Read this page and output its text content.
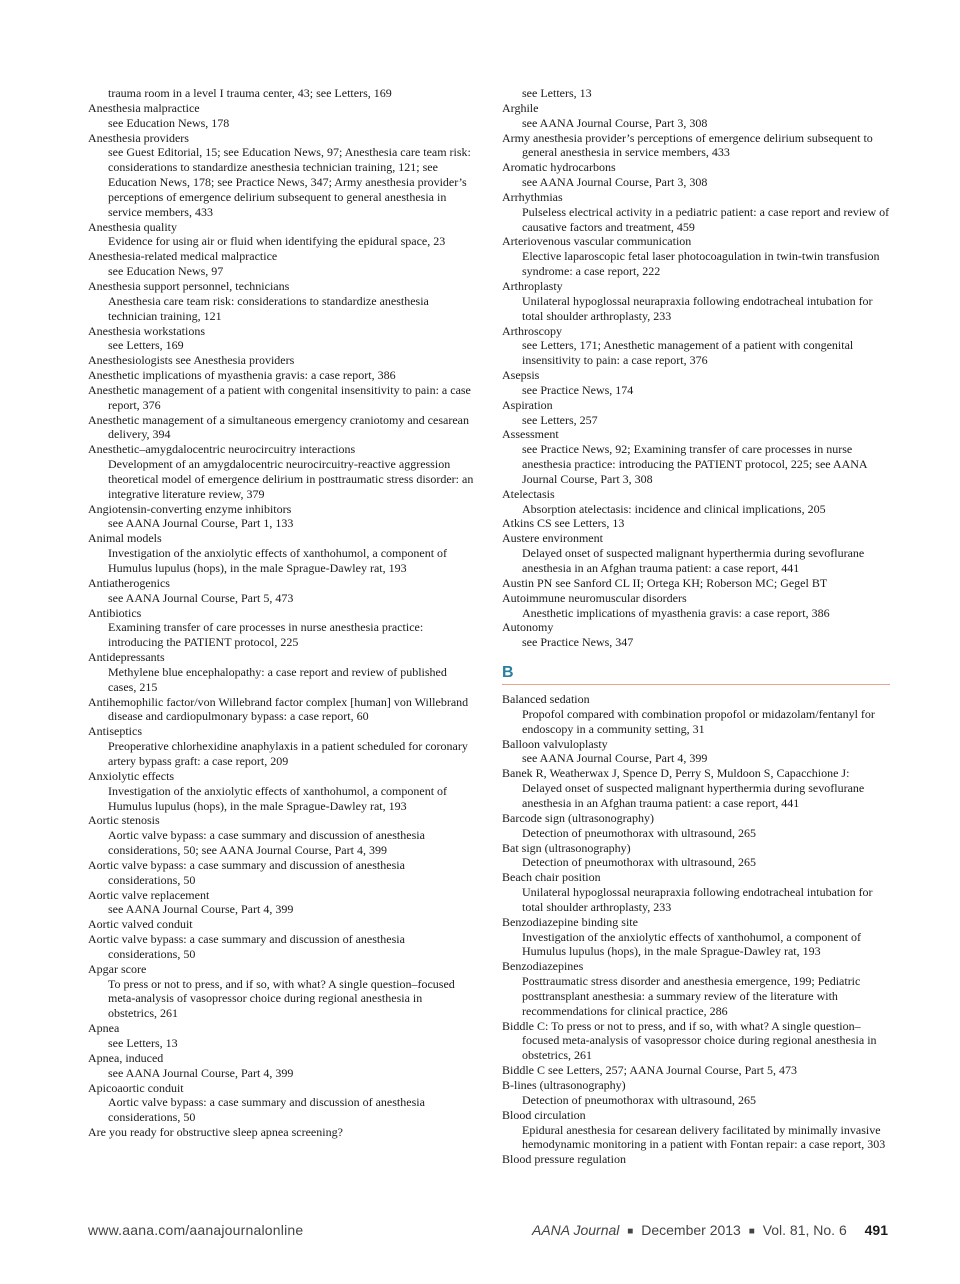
trauma room in a level I trauma center, 43; see Letters, 169

Anesthesia malpractice

see Education News, 178

Anesthesia providers

see Guest Editorial, 15; see Education News, 97; Anesthesia care team risk: considerations to standardize anesthesia technician training, 121; see Education News, 178; see Practice News, 347; Army anesthesia provider’s perceptions of emergence delirium subsequent to general anesthesia in service members, 433

Anesthesia quality

Evidence for using air or fluid when identifying the epidural space, 23

Anesthesia-related medical malpractice

see Education News, 97

Anesthesia support personnel, technicians

Anesthesia care team risk: considerations to standardize anesthesia technician training, 121

Anesthesia workstations

see Letters, 169

Anesthesiologists see Anesthesia providers

Anesthetic implications of myasthenia gravis: a case report, 386

Anesthetic management of a patient with congenital insensitivity to pain: a case report, 376

Anesthetic management of a simultaneous emergency craniotomy and cesarean delivery, 394

Anesthetic–amygdalocentric neurocircuitry interactions

Development of an amygdalocentric neurocircuitry-reactive aggression theoretical model of emergence delirium in posttraumatic stress disorder: an integrative literature review, 379

Angiotensin-converting enzyme inhibitors

see AANA Journal Course, Part 1, 133

Animal models

Investigation of the anxiolytic effects of xanthohumol, a component of Humulus lupulus (hops), in the male Sprague-Dawley rat, 193

Antiatherogenics

see AANA Journal Course, Part 5, 473

Antibiotics

Examining transfer of care processes in nurse anesthesia practice: introducing the PATIENT protocol, 225

Antidepressants

Methylene blue encephalopathy: a case report and review of published cases, 215

Antihemophilic factor/von Willebrand factor complex [human] von Willebrand disease and cardiopulmonary bypass: a case report, 60

Antiseptics

Preoperative chlorhexidine anaphylaxis in a patient scheduled for coronary artery bypass graft: a case report, 209

Anxiolytic effects

Investigation of the anxiolytic effects of xanthohumol, a component of Humulus lupulus (hops), in the male Sprague-Dawley rat, 193

Aortic stenosis

Aortic valve bypass: a case summary and discussion of anesthesia considerations, 50; see AANA Journal Course, Part 4, 399

Aortic valve bypass: a case summary and discussion of anesthesia considerations, 50

Aortic valve replacement

see AANA Journal Course, Part 4, 399

Aortic valved conduit

Aortic valve bypass: a case summary and discussion of anesthesia considerations, 50

Apgar score

To press or not to press, and if so, with what? A single question–focused meta-analysis of vasopressor choice during regional anesthesia in obstetrics, 261

Apnea

see Letters, 13

Apnea, induced

see AANA Journal Course, Part 4, 399

Apicoaortic conduit

Aortic valve bypass: a case summary and discussion of anesthesia considerations, 50

Are you ready for obstructive sleep apnea screening?

see Letters, 13

Arghile

see AANA Journal Course, Part 3, 308

Army anesthesia provider’s perceptions of emergence delirium subsequent to general anesthesia in service members, 433

Aromatic hydrocarbons

see AANA Journal Course, Part 3, 308

Arrhythmias

Pulseless electrical activity in a pediatric patient: a case report and review of causative factors and treatment, 459

Arteriovenous vascular communication

Elective laparoscopic fetal laser photocoagulation in twin-twin transfusion syndrome: a case report, 222

Arthroplasty

Unilateral hypoglossal neurapraxia following endotracheal intubation for total shoulder arthroplasty, 233

Arthroscopy

see Letters, 171; Anesthetic management of a patient with congenital insensitivity to pain: a case report, 376

Asepsis

see Practice News, 174

Aspiration

see Letters, 257

Assessment

see Practice News, 92; Examining transfer of care processes in nurse anesthesia practice: introducing the PATIENT protocol, 225; see AANA Journal Course, Part 3, 308

Atelectasis

Absorption atelectasis: incidence and clinical implications, 205

Atkins CS see Letters, 13

Austere environment

Delayed onset of suspected malignant hyperthermia during sevoflurane anesthesia in an Afghan trauma patient: a case report, 441

Austin PN see Sanford CL II; Ortega KH; Roberson MC; Gegel BT

Autoimmune neuromuscular disorders

Anesthetic implications of myasthenia gravis: a case report, 386

Autonomy

see Practice News, 347

B

Balanced sedation

Propofol compared with combination propofol or midazolam/fentanyl for endoscopy in a community setting, 31

Balloon valvuloplasty

see AANA Journal Course, Part 4, 399

Banek R, Weatherwax J, Spence D, Perry S, Muldoon S, Capacchione J: Delayed onset of suspected malignant hyperthermia during sevoflurane anesthesia in an Afghan trauma patient: a case report, 441

Barcode sign (ultrasonography)

Detection of pneumothorax with ultrasound, 265

Bat sign (ultrasonography)

Detection of pneumothorax with ultrasound, 265

Beach chair position

Unilateral hypoglossal neurapraxia following endotracheal intubation for total shoulder arthroplasty, 233

Benzodiazepine binding site

Investigation of the anxiolytic effects of xanthohumol, a component of Humulus lupulus (hops), in the male Sprague-Dawley rat, 193

Benzodiazepines

Posttraumatic stress disorder and anesthesia emergence, 199; Pediatric posttransplant anesthesia: a summary review of the literature with recommendations for clinical practice, 286

Biddle C: To press or not to press, and if so, with what? A single question–focused meta-analysis of vasopressor choice during regional anesthesia in obstetrics, 261

Biddle C see Letters, 257; AANA Journal Course, Part 5, 473

B-lines (ultrasonography)

Detection of pneumothorax with ultrasound, 265

Blood circulation

Epidural anesthesia for cesarean delivery facilitated by minimally invasive hemodynamic monitoring in a patient with Fontan repair: a case report, 303

Blood pressure regulation

www.aana.com/aanajournalonline	AANA Journal ■ December 2013 ■ Vol. 81, No. 6 491
